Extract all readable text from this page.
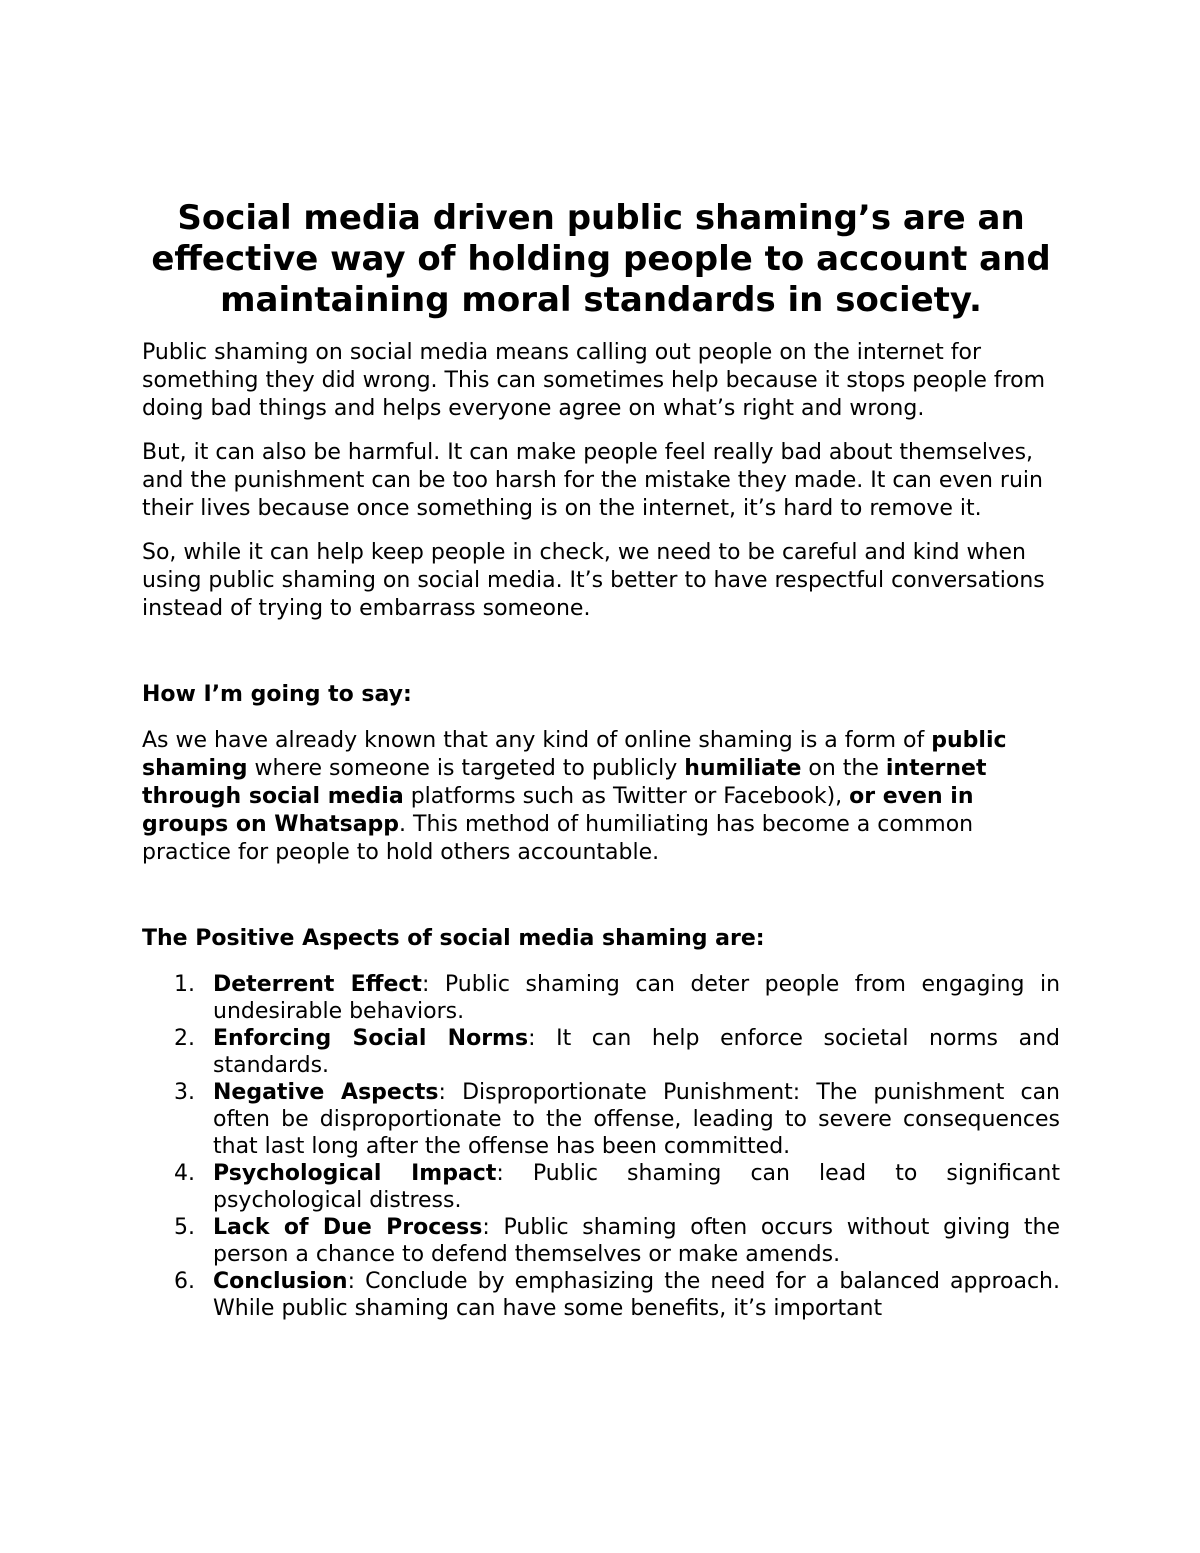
Social media driven public shaming’s are an effective way of holding people to account and maintaining moral standards in society.

Public shaming on social media means calling out people on the internet for something they did wrong. This can sometimes help because it stops people from doing bad things and helps everyone agree on what’s right and wrong.

But, it can also be harmful. It can make people feel really bad about themselves, and the punishment can be too harsh for the mistake they made. It can even ruin their lives because once something is on the internet, it’s hard to remove it.

So, while it can help keep people in check, we need to be careful and kind when using public shaming on social media. It’s better to have respectful conversations instead of trying to embarrass someone.

How I’m going to say:

As we have already known that any kind of online shaming is a form of public shaming where someone is targeted to publicly humiliate on the internet through social media platforms such as Twitter or Facebook), or even in groups on Whatsapp. This method of humiliating has become a common practice for people to hold others accountable.

The Positive Aspects of social media shaming are:
1. Deterrent Effect: Public shaming can deter people from engaging in undesirable behaviors.
2. Enforcing Social Norms: It can help enforce societal norms and standards.
3. Negative Aspects: Disproportionate Punishment: The punishment can often be disproportionate to the offense, leading to severe consequences that last long after the offense has been committed.
4. Psychological Impact: Public shaming can lead to significant psychological distress.
5. Lack of Due Process: Public shaming often occurs without giving the person a chance to defend themselves or make amends.
6. Conclusion: Conclude by emphasizing the need for a balanced approach. While public shaming can have some benefits, it’s important
